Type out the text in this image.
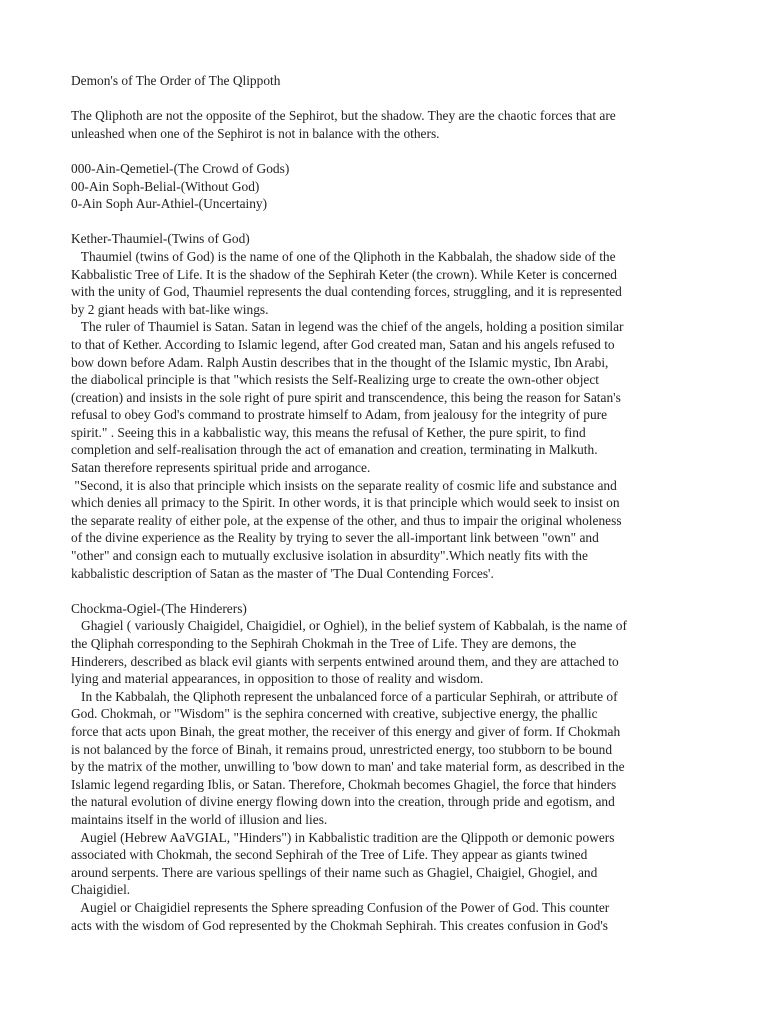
Demon's of The Order of The Qlippoth
The Qliphoth are not the opposite of the Sephirot, but the shadow. They are the chaotic forces that are
unleashed when one of the Sephirot is not in balance with the others.
000-Ain-Qemetiel-(The Crowd of Gods)
00-Ain Soph-Belial-(Without God)
0-Ain Soph Aur-Athiel-(Uncertainy)
Kether-Thaumiel-(Twins of God)
Thaumiel (twins of God) is the name of one of the Qliphoth in the Kabbalah, the shadow side of the
Kabbalistic Tree of Life. It is the shadow of the Sephirah Keter (the crown). While Keter is concerned
with the unity of God, Thaumiel represents the dual contending forces, struggling, and it is represented
by 2 giant heads with bat-like wings.
The ruler of Thaumiel is Satan. Satan in legend was the chief of the angels, holding a position similar
to that of Kether. According to Islamic legend, after God created man, Satan and his angels refused to
bow down before Adam. Ralph Austin describes that in the thought of the Islamic mystic, Ibn Arabi,
the diabolical principle is that "which resists the Self-Realizing urge to create the own-other object
(creation) and insists in the sole right of pure spirit and transcendence, this being the reason for Satan's
refusal to obey God's command to prostrate himself to Adam, from jealousy for the integrity of pure
spirit." . Seeing this in a kabbalistic way, this means the refusal of Kether, the pure spirit, to find
completion and self-realisation through the act of emanation and creation, terminating in Malkuth.
Satan therefore represents spiritual pride and arrogance.
"Second, it is also that principle which insists on the separate reality of cosmic life and substance and
which denies all primacy to the Spirit. In other words, it is that principle which would seek to insist on
the separate reality of either pole, at the expense of the other, and thus to impair the original wholeness
of the divine experience as the Reality by trying to sever the all-important link between "own" and
"other" and consign each to mutually exclusive isolation in absurdity".Which neatly fits with the
kabbalistic description of Satan as the master of 'The Dual Contending Forces'.
Chockma-Ogiel-(The Hinderers)
Ghagiel ( variously Chaigidel, Chaigidiel, or Oghiel), in the belief system of Kabbalah, is the name of
the Qliphah corresponding to the Sephirah Chokmah in the Tree of Life. They are demons, the
Hinderers, described as black evil giants with serpents entwined around them, and they are attached to
lying and material appearances, in opposition to those of reality and wisdom.
In the Kabbalah, the Qliphoth represent the unbalanced force of a particular Sephirah, or attribute of
God. Chokmah, or "Wisdom" is the sephira concerned with creative, subjective energy, the phallic
force that acts upon Binah, the great mother, the receiver of this energy and giver of form. If Chokmah
is not balanced by the force of Binah, it remains proud, unrestricted energy, too stubborn to be bound
by the matrix of the mother, unwilling to 'bow down to man' and take material form, as described in the
Islamic legend regarding Iblis, or Satan. Therefore, Chokmah becomes Ghagiel, the force that hinders
the natural evolution of divine energy flowing down into the creation, through pride and egotism, and
maintains itself in the world of illusion and lies.
Augiel (Hebrew AaVGIAL, "Hinders") in Kabbalistic tradition are the Qlippoth or demonic powers
associated with Chokmah, the second Sephirah of the Tree of Life. They appear as giants twined
around serpents. There are various spellings of their name such as Ghagiel, Chaigiel, Ghogiel, and
Chaigidiel.
Augiel or Chaigidiel represents the Sphere spreading Confusion of the Power of God. This counter
acts with the wisdom of God represented by the Chokmah Sephirah. This creates confusion in God's
